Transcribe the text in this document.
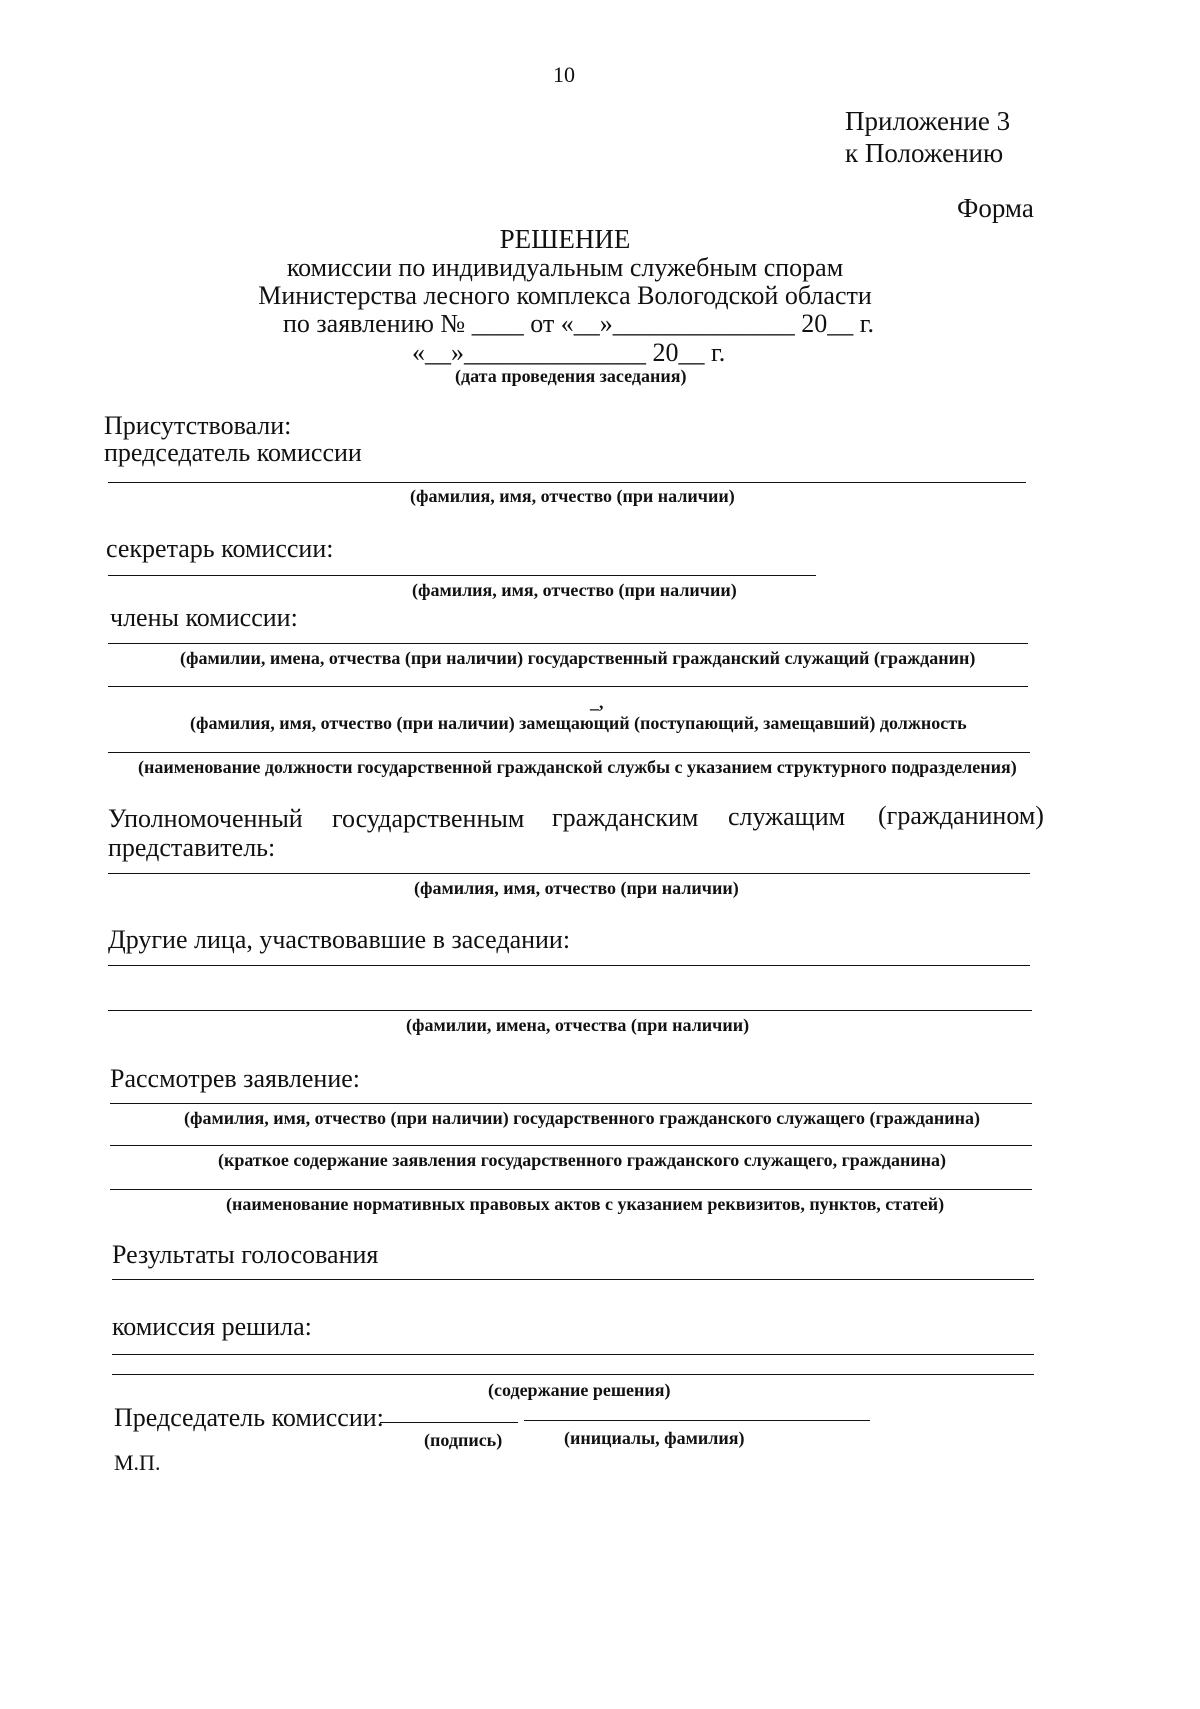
10
Приложение 3
к Положению
Форма
РЕШЕНИЕ
комиссии по индивидуальным служебным спорам
Министерства лесного комплекса Вологодской области
по заявлению № ____ от «__»______________ 20__ г.
«__»______________ 20__ г.
(дата проведения заседания)
Присутствовали:
председатель комиссии
(фамилия, имя, отчество (при наличии)
секретарь комиссии:
(фамилия, имя, отчество (при наличии)
члены комиссии:
(фамилии, имена, отчества (при наличии) государственный гражданский служащий (гражданин)
_,
(фамилия, имя, отчество (при наличии) замещающий (поступающий, замещавший) должность
(наименование должности государственной гражданской службы с указанием структурного подразделения)
Уполномоченный государственным гражданским служащим (гражданином)
представитель:
(фамилия, имя, отчество (при наличии)
Другие лица, участвовавшие в заседании:
(фамилии, имена, отчества (при наличии)
Рассмотрев заявление:
(фамилия, имя, отчество (при наличии) государственного гражданского служащего (гражданина)
(краткое содержание заявления государственного гражданского служащего, гражданина)
(наименование нормативных правовых актов с указанием реквизитов, пунктов, статей)
Результаты голосования
комиссия решила:
(содержание решения)
Председатель комиссии:
(подпись)	(инициалы, фамилия)
М.П.
